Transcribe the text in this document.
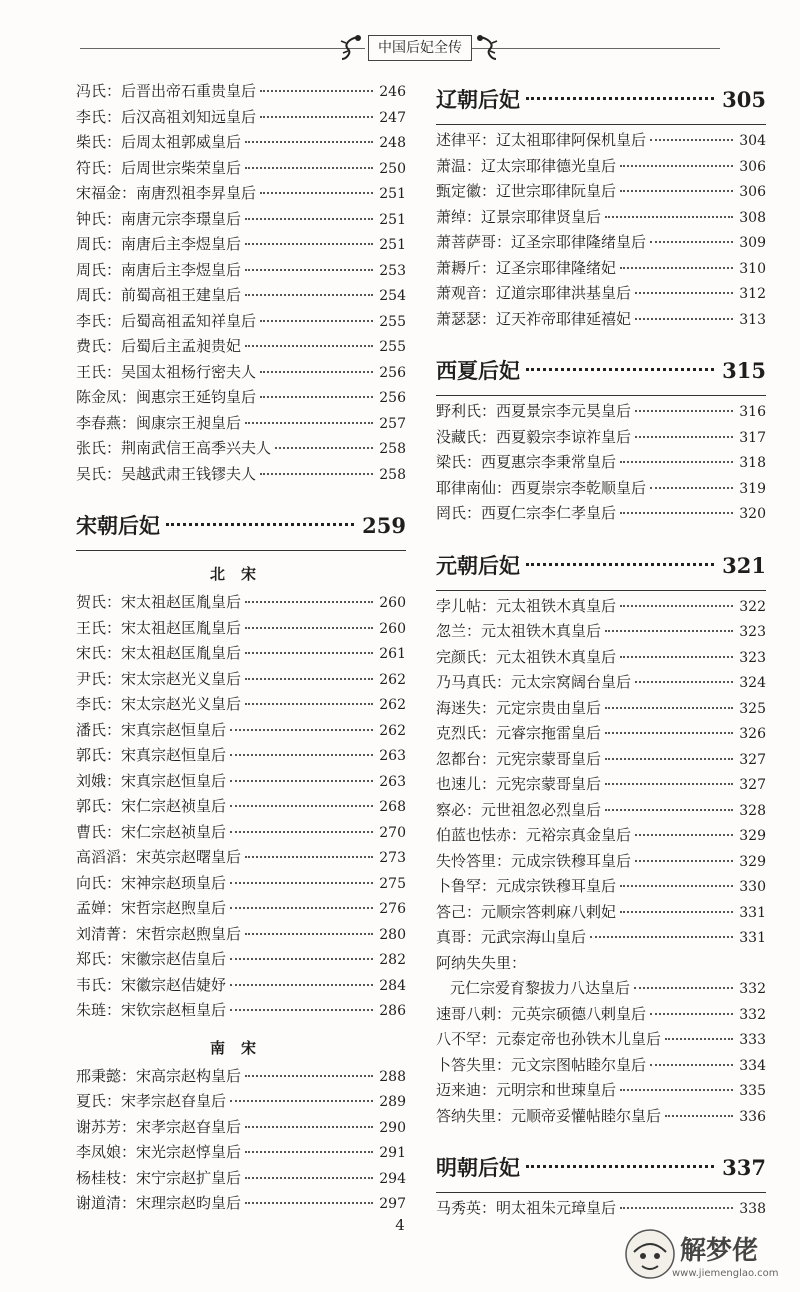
中国后妃全传
冯氏：后晋出帝石重贵皇后	246
李氏：后汉高祖刘知远皇后	247
柴氏：后周太祖郭威皇后	248
符氏：后周世宗柴荣皇后	250
宋福金：南唐烈祖李昇皇后	251
钟氏：南唐元宗李璟皇后	251
周氏：南唐后主李煜皇后	251
周氏：南唐后主李煜皇后	253
周氏：前蜀高祖王建皇后	254
李氏：后蜀高祖孟知祥皇后	255
费氏：后蜀后主孟昶贵妃	255
王氏：吴国太祖杨行密夫人	256
陈金凤：闽惠宗王延钧皇后	256
李春燕：闽康宗王昶皇后	257
张氏：荆南武信王高季兴夫人	258
吴氏：吴越武肃王钱镠夫人	258
宋朝后妃	259
北宋
贺氏：宋太祖赵匡胤皇后	260
王氏：宋太祖赵匡胤皇后	260
宋氏：宋太祖赵匡胤皇后	261
尹氏：宋太宗赵光义皇后	262
李氏：宋太宗赵光义皇后	262
潘氏：宋真宗赵恒皇后	262
郭氏：宋真宗赵恒皇后	263
刘娥：宋真宗赵恒皇后	263
郭氏：宋仁宗赵祯皇后	268
曹氏：宋仁宗赵祯皇后	270
高滔滔：宋英宗赵曙皇后	273
向氏：宋神宗赵顼皇后	275
孟婵：宋哲宗赵煦皇后	276
刘清菁：宋哲宗赵煦皇后	280
郑氏：宋徽宗赵佶皇后	282
韦氏：宋徽宗赵佶婕妤	284
朱琏：宋钦宗赵桓皇后	286
南宋
邢秉懿：宋高宗赵构皇后	288
夏氏：宋孝宗赵昚皇后	289
谢苏芳：宋孝宗赵昚皇后	290
李凤娘：宋光宗赵惇皇后	291
杨桂枝：宋宁宗赵扩皇后	294
谢道清：宋理宗赵昀皇后	297
辽朝后妃	305
述律平：辽太祖耶律阿保机皇后	304
萧温：辽太宗耶律德光皇后	306
甄定徽：辽世宗耶律阮皇后	306
萧绰：辽景宗耶律贤皇后	308
萧菩萨哥：辽圣宗耶律隆绪皇后	309
萧耨斤：辽圣宗耶律隆绪妃	310
萧观音：辽道宗耶律洪基皇后	312
萧瑟瑟：辽天祚帝耶律延禧妃	313
西夏后妃	315
野利氏：西夏景宗李元昊皇后	316
没藏氏：西夏毅宗李谅祚皇后	317
梁氏：西夏惠宗李秉常皇后	318
耶律南仙：西夏崇宗李乾顺皇后	319
罔氏：西夏仁宗李仁孝皇后	320
元朝后妃	321
孛儿帖：元太祖铁木真皇后	322
忽兰：元太祖铁木真皇后	323
完颜氏：元太祖铁木真皇后	323
乃马真氏：元太宗窝阔台皇后	324
海迷失：元定宗贵由皇后	325
克烈氏：元睿宗拖雷皇后	326
忽都台：元宪宗蒙哥皇后	327
也速儿：元宪宗蒙哥皇后	327
察必：元世祖忽必烈皇后	328
伯蓝也怯赤：元裕宗真金皇后	329
失怜答里：元成宗铁穆耳皇后	329
卜鲁罕：元成宗铁穆耳皇后	330
答己：元顺宗答剌麻八剌妃	331
真哥：元武宗海山皇后	331
阿纳失失里：
元仁宗爱育黎拔力八达皇后	332
速哥八剌：元英宗硕德八剌皇后	332
八不罕：元泰定帝也孙铁木儿皇后	333
卜答失里：元文宗图帖睦尔皇后	334
迈来迪：元明宗和世㻋皇后	335
答纳失里：元顺帝妥懽帖睦尔皇后	336
明朝后妃	337
马秀英：明太祖朱元璋皇后	338
4
解梦佬
www.jiemenglao.com
